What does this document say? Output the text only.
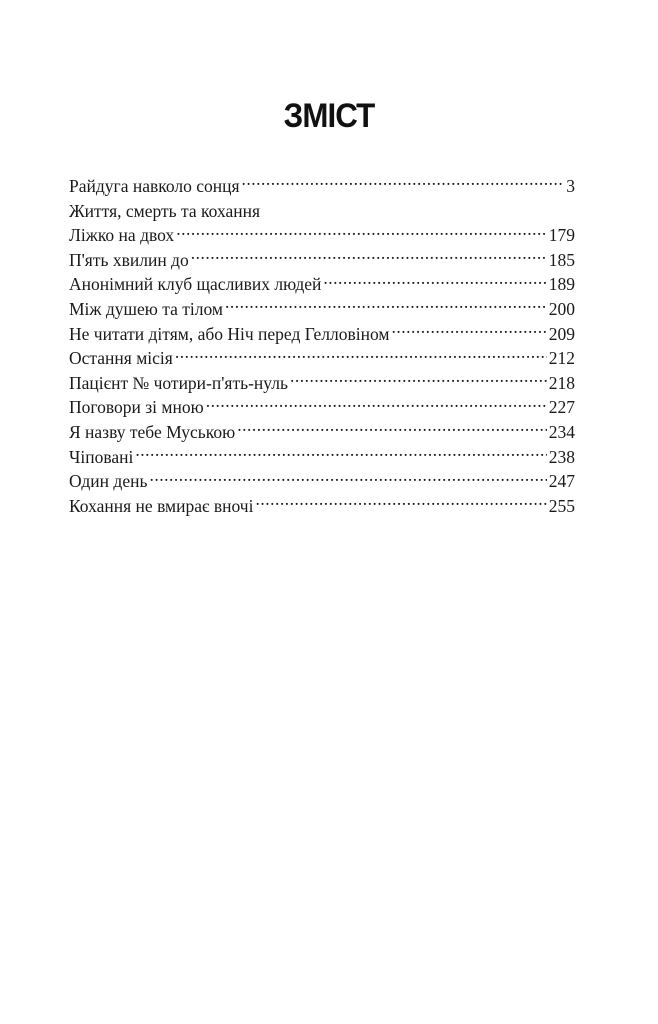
ЗМІСТ
Райдуга навколо сонця .....	3
Життя, смерть та кохання
Ліжко на двох .....	179
П'ять хвилин до .....	185
Анонімний клуб щасливих людей .....	189
Між душею та тілом .....	200
Не читати дітям, або Ніч перед Гелловіном .....	209
Остання місія .....	212
Пацієнт № чотири-п'ять-нуль .....	218
Поговори зі мною .....	227
Я назву тебе Муською .....	234
Чіповані .....	238
Один день .....	247
Кохання не вмирає вночі .....	255
